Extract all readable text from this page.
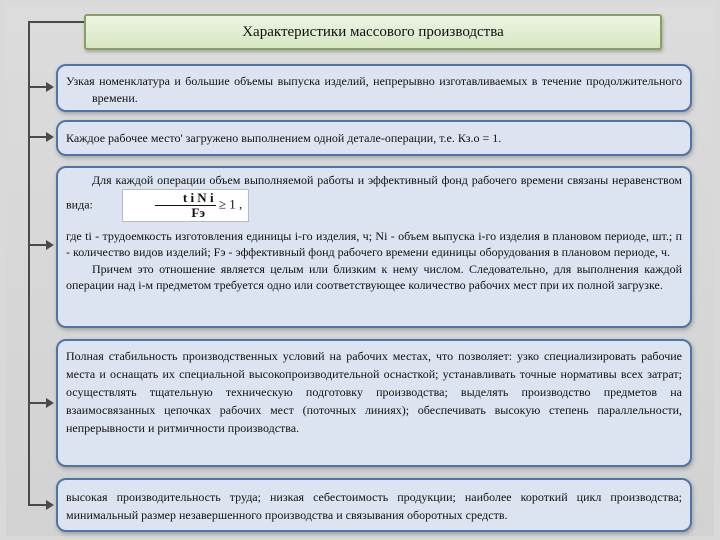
Характеристики массового производства

Узкая номенклатура и большие объемы выпуска изделий, непрерывно изготавливаемых в течение продолжительного времени.

Каждое рабочее место' загружено выполнением одной детале-операции, т.е. Кз.о = 1.

Для каждой операции объем выполняемой работы и эффективный фонд рабочего времени связаны неравенством вида:	$\frac{\text{t i N i}}{Fэ} \ge 1$ ,

где ti - трудоемкость изготовления единицы i-го изделия, ч; Ni - объем выпуска i-го изделия в плановом периоде, шт.; п - количество видов изделий; Fэ - эффективный фонд рабочего времени единицы оборудования в плановом периоде, ч.

Причем это отношение является целым или близким к нему числом. Следовательно, для выполнения каждой операции над i-м предметом требуется одно или соответствующее количество рабочих мест при их полной загрузке.

Полная стабильность производственных условий на рабочих местах, что позволяет: узко специализировать рабочие места и оснащать их специальной высокопроизводительной оснасткой; устанавливать точные нормативы всех затрат; осуществлять тщательную техническую подготовку производства; выделять производство предметов на взаимосвязанных цепочках рабочих мест (поточных линиях); обеспечивать высокую степень параллельности, непрерывности и ритмичности производства.

высокая производительность труда; низкая себестоимость продукции; наиболее короткий цикл производства; минимальный размер незавершенного производства и связывания оборотных средств.
